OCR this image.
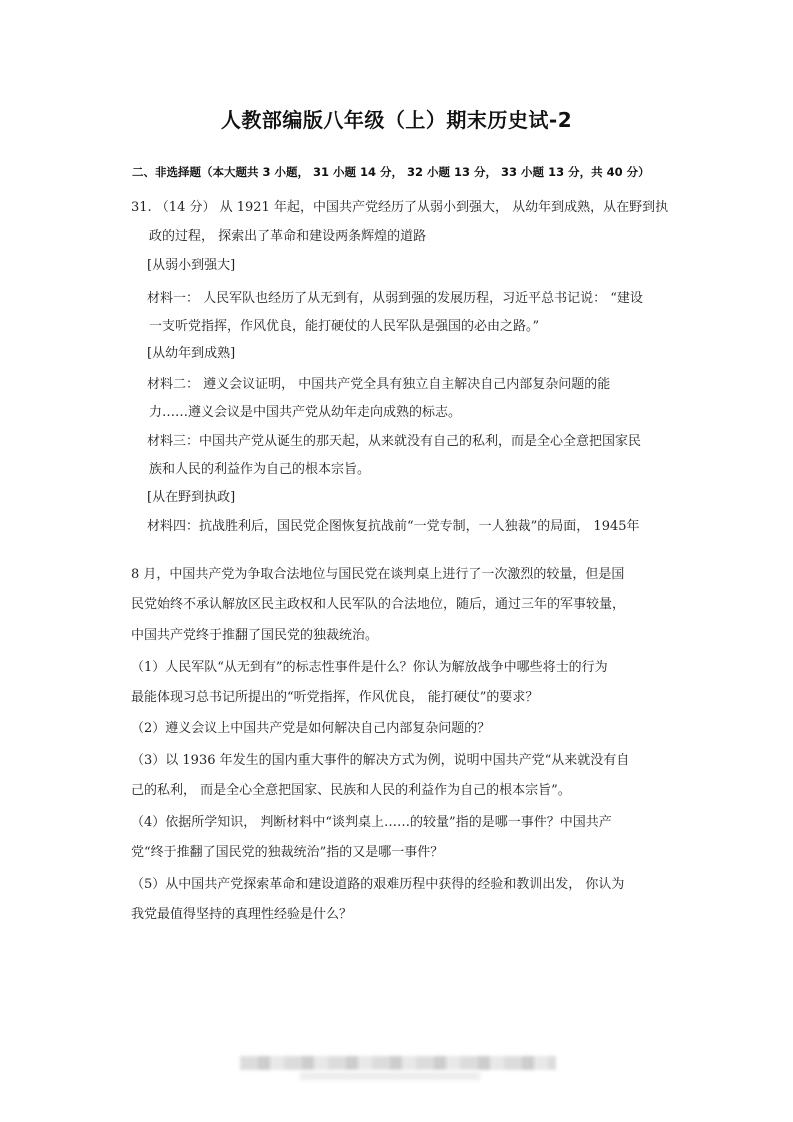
人教部编版八年级（上）期末历史试-2
二、非选择题（本大题共 3 小题， 31 小题 14 分， 32 小题 13 分， 33 小题 13 分，共 40 分）
31. （14 分） 从 1921 年起，中国共产党经历了从弱小到强大， 从幼年到成熟，从在野到执
政的过程， 探索出了革命和建设两条辉煌的道路
[从弱小到强大]
材料一： 人民军队也经历了从无到有，从弱到强的发展历程，习近平总书记说： “建设
一支听党指挥，作风优良，能打硬仗的人民军队是强国的必由之路。”
[从幼年到成熟]
材料二： 遵义会议证明， 中国共产党全具有独立自主解决自己内部复杂问题的能
力……遵义会议是中国共产党从幼年走向成熟的标志。
材料三：中国共产党从诞生的那天起，从来就没有自己的私利，而是全心全意把国家民
族和人民的利益作为自己的根本宗旨。
[从在野到执政]
材料四：抗战胜利后，国民党企图恢复抗战前“一党专制，一人独裁”的局面， 1945年
8 月，中国共产党为争取合法地位与国民党在谈判桌上进行了一次激烈的较量，但是国
民党始终不承认解放区民主政权和人民军队的合法地位，随后，通过三年的军事较量，
中国共产党终于推翻了国民党的独裁统治。
（1）人民军队“从无到有”的标志性事件是什么？你认为解放战争中哪些将士的行为
最能体现习总书记所提出的“听党指挥，作风优良， 能打硬仗”的要求？
（2）遵义会议上中国共产党是如何解决自己内部复杂问题的？
（3）以 1936 年发生的国内重大事件的解决方式为例，说明中国共产党“从来就没有自
己的私利， 而是全心全意把国家、民族和人民的利益作为自己的根本宗旨”。
（4）依据所学知识， 判断材料中“谈判桌上……的较量”指的是哪一事件？中国共产
党“终于推翻了国民党的独裁统治”指的又是哪一事件？
（5）从中国共产党探索革命和建设道路的艰难历程中获得的经验和教训出发， 你认为
我党最值得坚持的真理性经验是什么？
